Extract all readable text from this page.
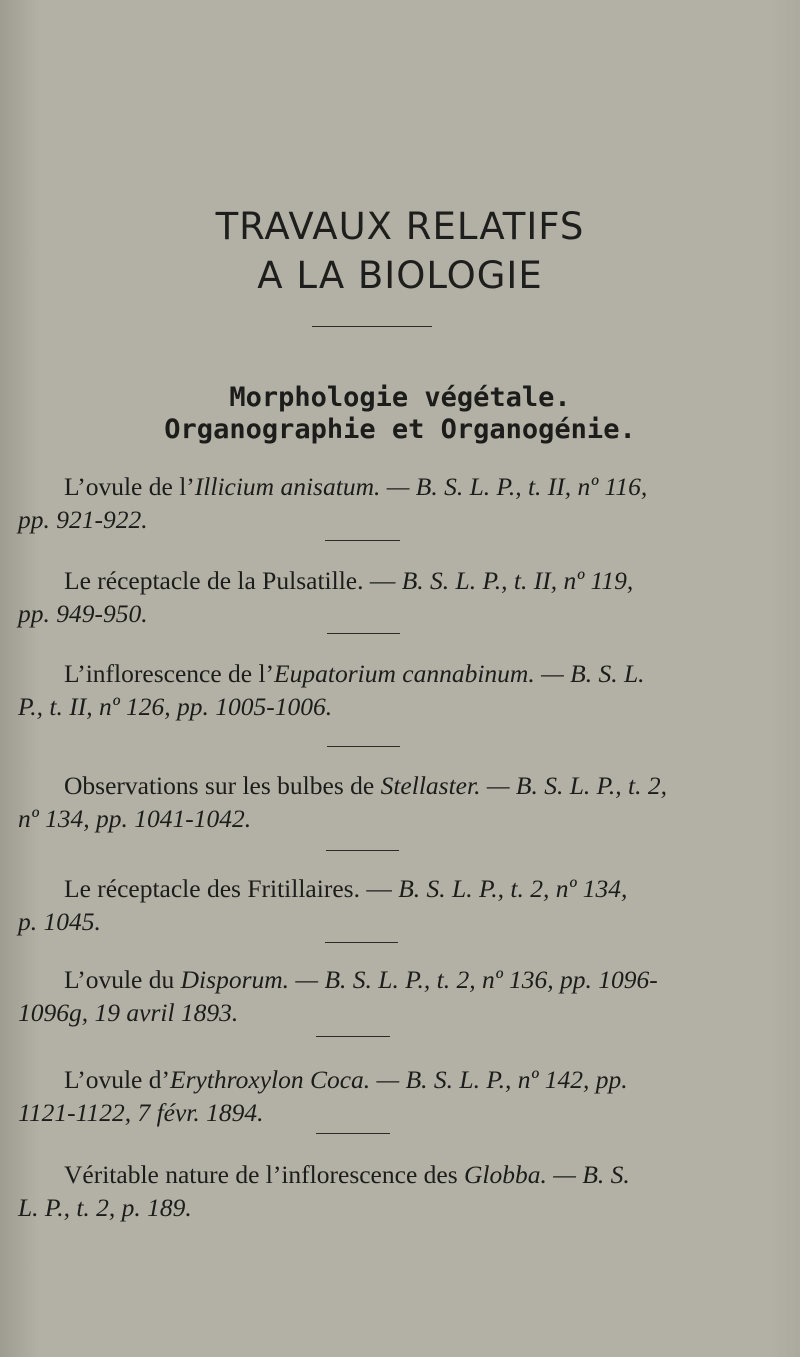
TRAVAUX RELATIFS
A LA BIOLOGIE
Morphologie végétale.
Organographie et Organogénie.
L’ovule de l’Illicium anisatum. — B. S. L. P., t. II, nº 116,
pp. 921-922.
Le réceptacle de la Pulsatille. — B. S. L. P., t. II, nº 119,
pp. 949-950.
L’inflorescence de l’Eupatorium cannabinum. — B. S. L.
P., t. II, nº 126, pp. 1005-1006.
Observations sur les bulbes de Stellaster. — B. S. L. P., t. 2,
nº 134, pp. 1041-1042.
Le réceptacle des Fritillaires. — B. S. L. P., t. 2, nº 134,
p. 1045.
L’ovule du Disporum. — B. S. L. P., t. 2, nº 136, pp. 1096-
1096g, 19 avril 1893.
L’ovule d’Erythroxylon Coca. — B. S. L. P., nº 142, pp.
1121-1122, 7 févr. 1894.
Véritable nature de l’inflorescence des Globba. — B. S.
L. P., t. 2, p. 189.
